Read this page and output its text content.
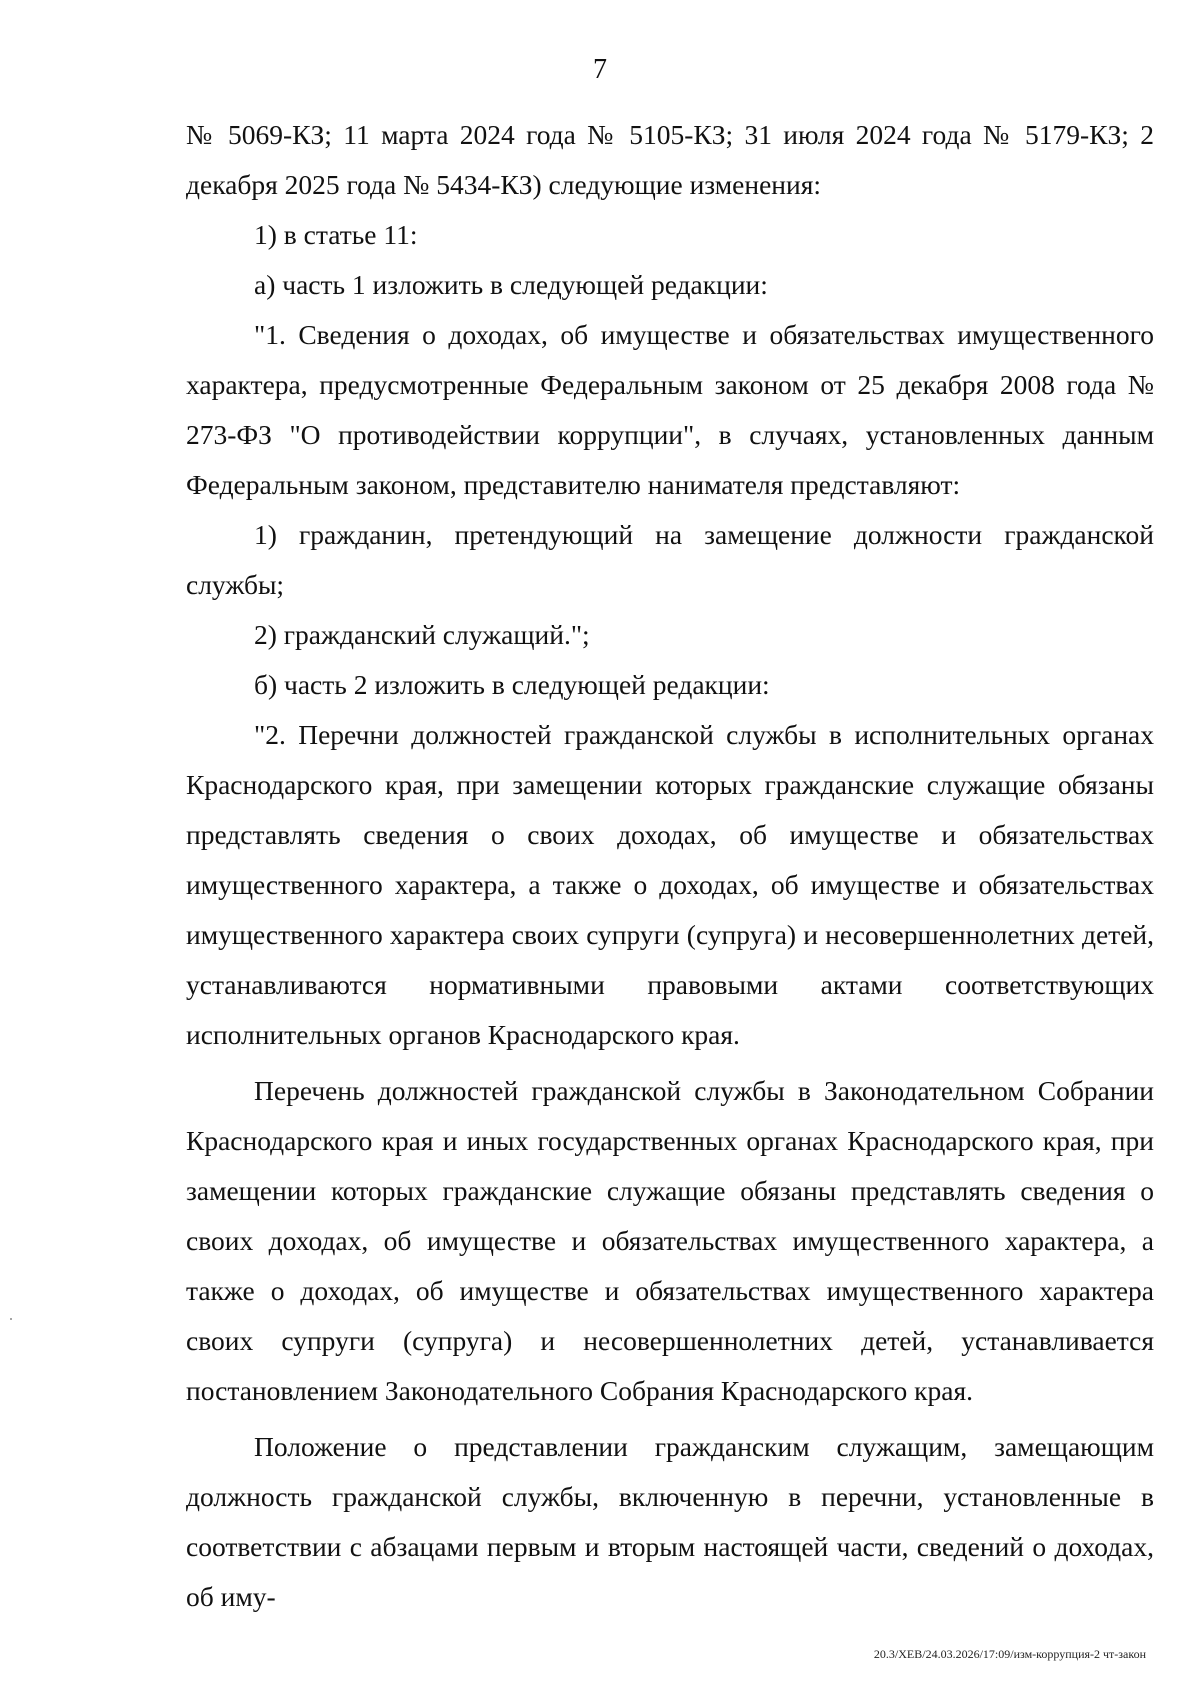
7

№ 5069-КЗ; 11 марта 2024 года № 5105-КЗ; 31 июля 2024 года № 5179-КЗ; 2 декабря 2025 года № 5434-КЗ) следующие изменения:

1) в статье 11:

а) часть 1 изложить в следующей редакции:

"1. Сведения о доходах, об имуществе и обязательствах имущественного характера, предусмотренные Федеральным законом от 25 декабря 2008 года № 273-ФЗ "О противодействии коррупции", в случаях, установленных данным Федеральным законом, представителю нанимателя представляют:

1) гражданин, претендующий на замещение должности гражданской службы;

2) гражданский служащий.";

б) часть 2 изложить в следующей редакции:

"2. Перечни должностей гражданской службы в исполнительных органах Краснодарского края, при замещении которых гражданские служащие обязаны представлять сведения о своих доходах, об имуществе и обязательствах имущественного характера, а также о доходах, об имуществе и обязательствах имущественного характера своих супруги (супруга) и несовершеннолетних детей, устанавливаются нормативными правовыми актами соответствующих исполнительных органов Краснодарского края.

Перечень должностей гражданской службы в Законодательном Собрании Краснодарского края и иных государственных органах Краснодарского края, при замещении которых гражданские служащие обязаны представлять сведения о своих доходах, об имуществе и обязательствах имущественного характера, а также о доходах, об имуществе и обязательствах имущественного характера своих супруги (супруга) и несовершеннолетних детей, устанавливается постановлением Законодательного Собрания Краснодарского края.

Положение о представлении гражданским служащим, замещающим должность гражданской службы, включенную в перечни, установленные в соответствии с абзацами первым и вторым настоящей части, сведений о доходах, об иму-

20.3/ХЕВ/24.03.2026/17:09/изм-коррупция-2 чт-закон
